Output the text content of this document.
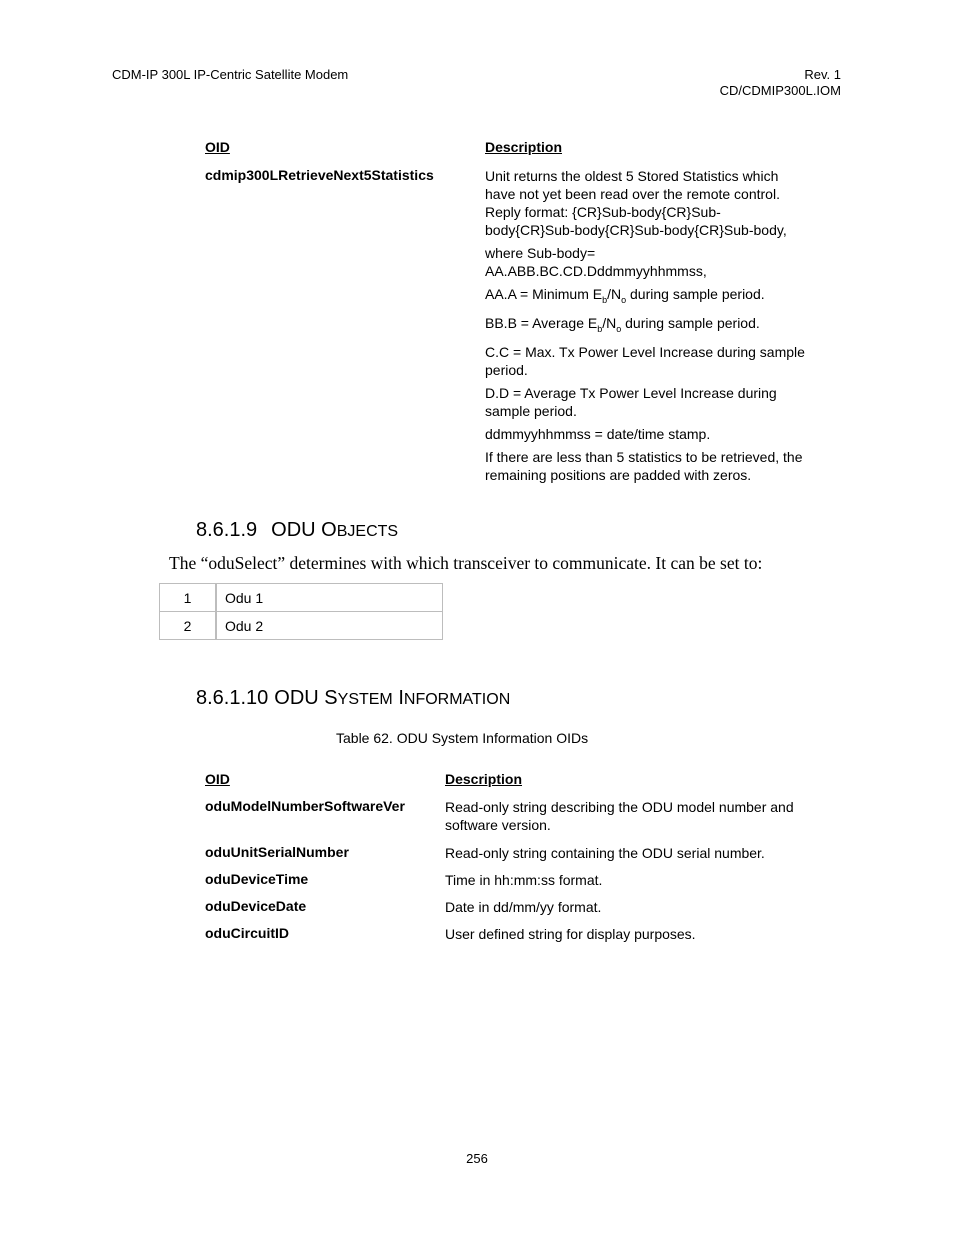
CDM-IP 300L IP-Centric Satellite Modem	Rev. 1
CD/CDMIP300L.IOM
OID	Description
cdmip300LRetrieveNext5Statistics	Unit returns the oldest 5 Stored Statistics which
have not yet been read over the remote control.
Reply format: {CR}Sub-body{CR}Sub-
body{CR}Sub-body{CR}Sub-body{CR}Sub-body,
where Sub-body=
AA.ABB.BC.CD.Dddmmyyhhmmss,
AA.A = Minimum $E_b/N_o$ during sample period.
BB.B = Average $E_b/N_o$ during sample period.
C.C = Max. Tx Power Level Increase during sample
period.
D.D = Average Tx Power Level Increase during
sample period.
ddmmyyhhmmss = date/time stamp.
If there are less than 5 statistics to be retrieved, the
remaining positions are padded with zeros.
8.6.1.9 ODU OBJECTS
The “oduSelect” determines with which transceiver to communicate. It can be set to:
1	Odu 1
2	Odu 2
8.6.1.10 ODU SYSTEM INFORMATION
Table 62. ODU System Information OIDs
OID	Description
oduModelNumberSoftwareVer	Read-only string describing the ODU model number and
software version.
oduUnitSerialNumber	Read-only string containing the ODU serial number.
oduDeviceTime	Time in hh:mm:ss format.
oduDeviceDate	Date in dd/mm/yy format.
oduCircuitID	User defined string for display purposes.
256
